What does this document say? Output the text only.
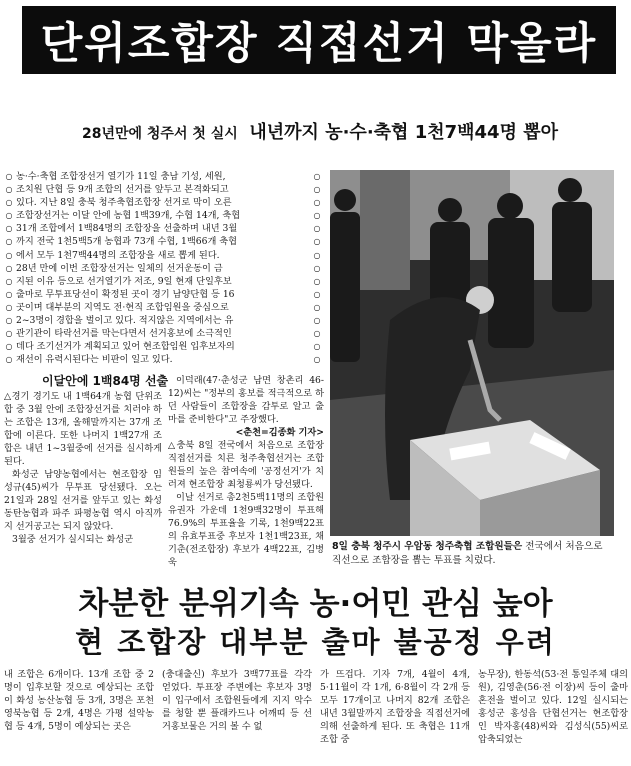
단위조합장 직접선거 막올라
28년만에 청주서 첫 실시 내년까지 농·수·축협 1천7백44명 뽑아
○ 농·수·축협 조합장선거 열기가 11일 충남 기성, 세원,	○
○ 조치원 단협 등 9개 조합의 선거를 앞두고 본격화되고	○
○ 있다. 지난 8일 충북 청주축협조합장 선거로 막이 오른	○
○ 조합장선거는 이달 안에 농협 1백39개, 수협 14개, 축협	○
○ 31개 조합에서 1백84명의 조합장을 선출하며 내년 3월	○
○ 까지 전국 1천5백5개 농협과 73개 수협, 1백66개 축협	○
○ 에서 모두 1천7백44명의 조합장을 새로 뽑게 된다.	○
○ 28년 만에 이번 조합장선거는 일체의 선거운동이 금	○
○ 지된 이유 등으로 선거열기가 저조, 9일 현재 단일후보	○
○ 출마로 무투표당선이 확정된 곳이 경기 남양단협 등 16	○
○ 곳이며 대부분의 지역도 전·현직 조합임원을 중심으로	○
○ 2~3명이 경합을 벌이고 있다. 적지않은 지역에서는 유	○
○ 관기관이 타락선거를 막는다면서 선거홍보에 소극적인	○
○ 데다 조기선거가 계획되고 있어 현조합임원 입후보자의	○
○ 재선이 유력시된다는 비판이 일고 있다.	○
이달안에 1백84명 선출

△경기 경기도 내 1백64개 농협 단위조합 중 3월 안에 조합장선거를 치러야 하는 조합은 13개, 올해말까지는 37개 조합에 이른다. 또한 나머지 1백27개 조합은 내년 1~3월중에 선거를 실시하게 된다.

화성군 남양농협에서는 현조합장 임성규(45)씨가 무투표 당선됐다. 오는 21일과 28일 선거를 앞두고 있는 화성 동탄농협과 파주 파평농협 역시 아직까지 선거공고는 되지 않았다.

3월중 선거가 실시되는 화성군

이덕래(47·춘성군 남면 창촌리 46-12)씨는 "정부의 홍보를 적극적으로 하던 사람들이 조합장을 감투로 알고 출마를 준비한다"고 주장했다.

<춘천=김종화 기자>

△충북 8일 전국에서 처음으로 조합장 직접선거를 치른 청주축협선거는 조합원들의 높은 참여속에 '공정선거'가 치러져 현조합장 최청룡씨가 당선됐다.

이날 선거로 총2천5백11명의 조합원유권자 가운데 1천9백32명이 투표해 76.9%의 투표율을 기록, 1천9백22표의 유효투표중 후보자 1천1백23표, 채기춘(전조합장) 후보가 4백22표, 김병욱

8일 충북 청주시 우암동 청주축협 조합원들은 전국에서 처음으로 직선으로 조합장을 뽑는 투표를 치렀다.
차분한 분위기속 농·어민 관심 높아
현 조합장 대부분 출마 불공정 우려

내 조합은 6개이다. 13개 조합 중 2명이 입후보할 것으로 예상되는 조합이 화성 농산농협 등 3개, 3명은 포천 영북농협 등 2개, 4명은 가평 설악농협 등 4개, 5명이 예상되는 곳은

(충대출신) 후보가 3백77표를 각각 얻었다. 투표장 주변에는 후보자 3명이 입구에서 조합원들에게 지지 악수를 청할 뿐 플래카드나 어깨띠 등 선거홍보물은 거의 볼 수 없

가 뜨겁다. 기자 7개, 4월이 4개, 5·11월이 각 1개, 6·8월이 각 2개 등 모두 17개이고 나머지 82개 조합은 내년 3월말까지 조합장을 직접선거에 의해 선출하게 된다. 또 축협은 11개 조합 중

농무장), 한동석(53·전 통일주체 대의원), 김영춘(56·전 이장)씨 등이 출마 혼전을 벌이고 있다. 12일 실시되는 홍성군 홍성읍 단협선거는 현조합장인 박자홍(48)씨와 김성식(55)씨로 압축되었는
